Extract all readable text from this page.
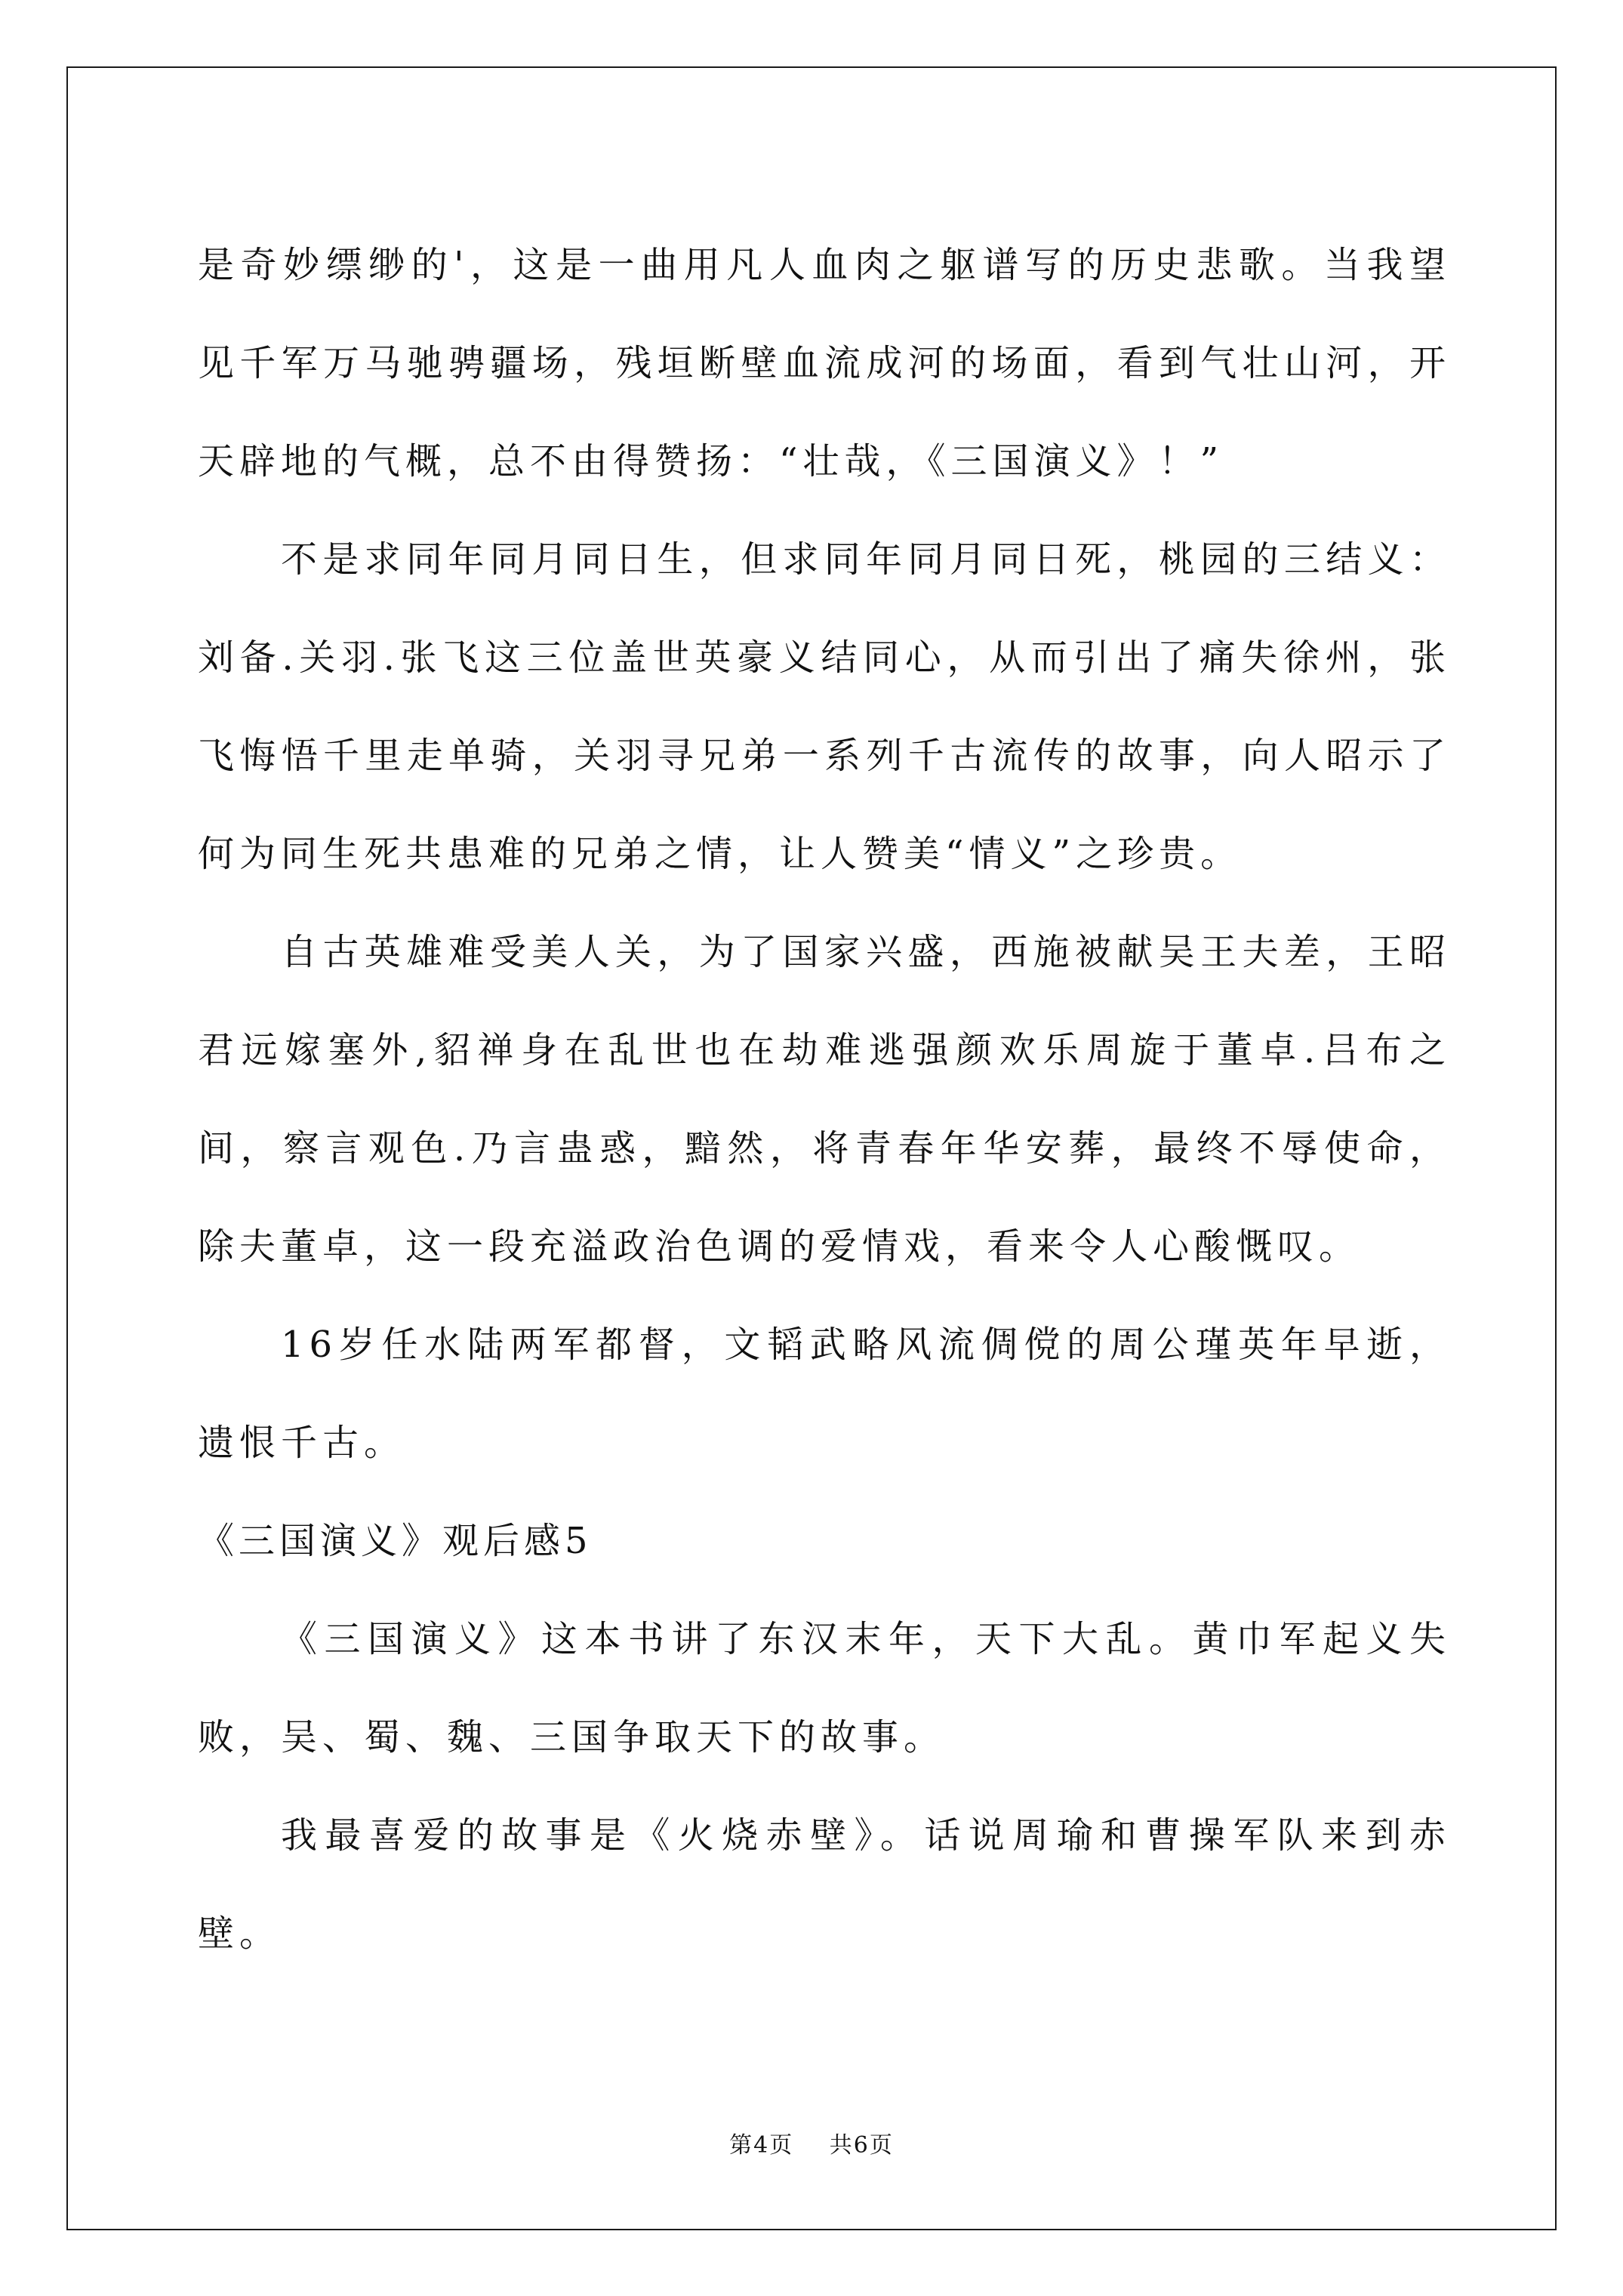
是奇妙缥缈的'，这是一曲用凡人血肉之躯谱写的历史悲歌。当我望见千军万马驰骋疆场，残垣断壁血流成河的场面，看到气壮山河，开天辟地的气概，总不由得赞扬：“壮哉，《三国演义》！”

不是求同年同月同日生，但求同年同月同日死，桃园的三结义：刘备.关羽.张飞这三位盖世英豪义结同心，从而引出了痛失徐州，张飞悔悟千里走单骑，关羽寻兄弟一系列千古流传的故事，向人昭示了何为同生死共患难的兄弟之情，让人赞美“情义”之珍贵。

自古英雄难受美人关，为了国家兴盛，西施被献吴王夫差，王昭君远嫁塞外,貂禅身在乱世也在劫难逃强颜欢乐周旋于董卓.吕布之间，察言观色.乃言蛊惑，黯然，将青春年华安葬，最终不辱使命，除夫董卓，这一段充溢政治色调的爱情戏，看来令人心酸慨叹。

16岁任水陆两军都督，文韬武略风流倜傥的周公瑾英年早逝，遗恨千古。

《三国演义》观后感5

《三国演义》这本书讲了东汉末年，天下大乱。黄巾军起义失败，吴、蜀、魏、三国争取天下的故事。

我最喜爱的故事是《火烧赤壁》。话说周瑜和曹操军队来到赤壁。

第4页 共6页
